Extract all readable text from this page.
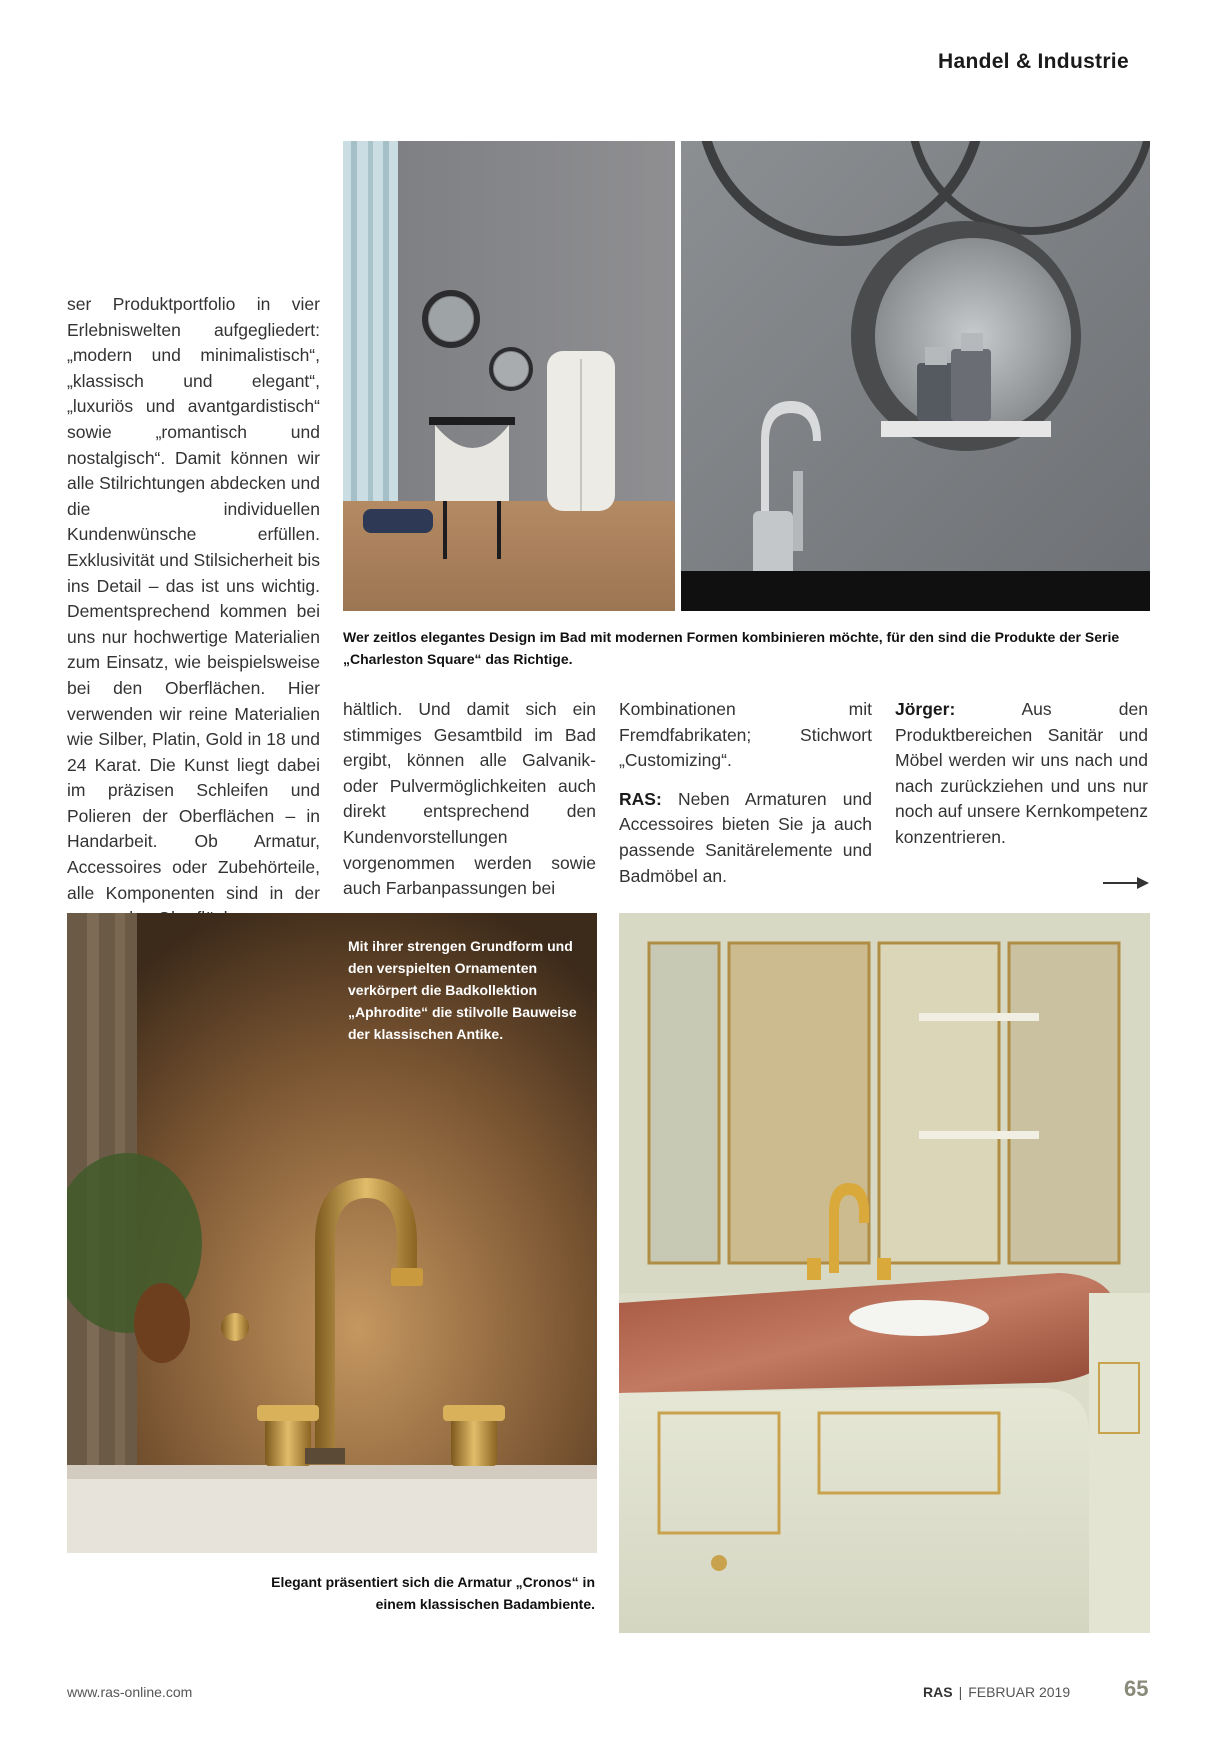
Handel & Industrie
Wer zeitlos elegantes Design im Bad mit modernen Formen kombinieren möchte, für den sind die Produkte der Serie „Charleston Square“ das Richtige.

ser Produktportfolio in vier Erlebniswelten aufgegliedert: „modern und minimalistisch“, „klassisch und elegant“, „luxuriös und avantgardistisch“ sowie „romantisch und nostalgisch“. Damit können wir alle Stilrichtungen abdecken und die individuellen Kundenwünsche erfüllen. Exklusivität und Stilsicherheit bis ins Detail – das ist uns wichtig. Dementsprechend kommen bei uns nur hochwertige Materialien zum Einsatz, wie beispielsweise bei den Oberflächen. Hier verwenden wir reine Materialien wie Silber, Platin, Gold in 18 und 24 Karat. Die Kunst liegt dabei im präzisen Schleifen und Polieren der Oberflächen – in Handarbeit. Ob Armatur, Accessoires oder Zubehörteile, alle Komponenten sind in der

hältlich. Und damit sich ein stimmiges Gesamtbild im Bad ergibt, können alle Galvanik- oder Pulvermöglichkeiten auch direkt entsprechend den Kundenvorstellungen vorgenommen werden sowie auch Farbanpassungen bei

Kombinationen mit Fremdfabrikaten; Stichwort „Customizing“.

RAS: Neben Armaturen und Accessoires bieten Sie ja auch passende Sanitärelemente und Badmöbel an.

Jörger: Aus den Produktbereichen Sanitär und Möbel werden wir uns nach und nach zurückziehen und uns nur noch auf unsere Kernkompetenz konzentrieren.

Mit ihrer strengen Grundform und den verspielten Ornamenten verkörpert die Badkollektion „Aphrodite“ die stilvolle Bauweise der klassischen Antike.
Elegant präsentiert sich die Armatur „Cronos“ in einem klassischen Badambiente.
www.ras-online.com	RAS | FEBRUAR 2019 65
